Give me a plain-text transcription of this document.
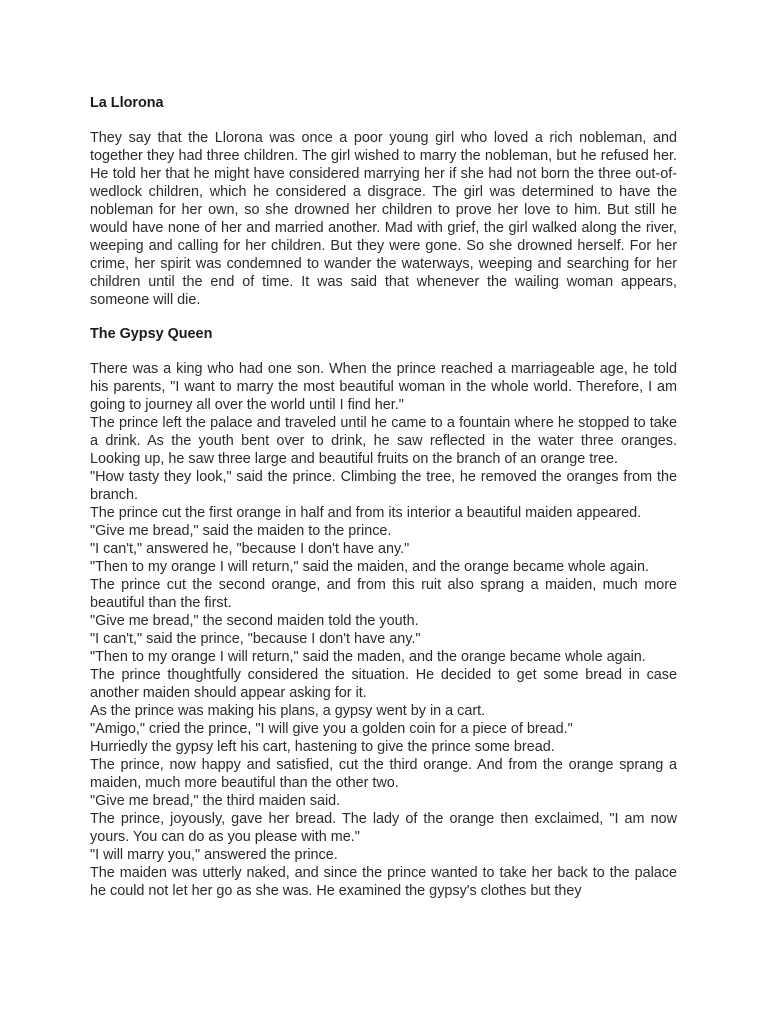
La Llorona

They say that the Llorona was once a poor young girl who loved a rich nobleman, and together they had three children. The girl wished to marry the nobleman, but he refused her. He told her that he might have considered marrying her if she had not born the three out-of-wedlock children, which he considered a disgrace. The girl was determined to have the nobleman for her own, so she drowned her children to prove her love to him. But still he would have none of her and married another. Mad with grief, the girl walked along the river, weeping and calling for her children. But they were gone. So she drowned herself. For her crime, her spirit was condemned to wander the waterways, weeping and searching for her children until the end of time. It was said that whenever the wailing woman appears, someone will die.

The Gypsy Queen

There was a king who had one son. When the prince reached a marriageable age, he told his parents, "I want to marry the most beautiful woman in the whole world. Therefore, I am going to journey all over the world until I find her."

The prince left the palace and traveled until he came to a fountain where he stopped to take a drink. As the youth bent over to drink, he saw reflected in the water three oranges. Looking up, he saw three large and beautiful fruits on the branch of an orange tree.

"How tasty they look," said the prince. Climbing the tree, he removed the oranges from the branch.

The prince cut the first orange in half and from its interior a beautiful maiden appeared.

"Give me bread," said the maiden to the prince.

"I can't," answered he, "because I don't have any."

"Then to my orange I will return," said the maiden, and the orange became whole again.

The prince cut the second orange, and from this ruit also sprang a maiden, much more beautiful than the first.

"Give me bread," the second maiden told the youth.

"I can't," said the prince, "because I don't have any."

"Then to my orange I will return," said the maden, and the orange became whole again.

The prince thoughtfully considered the situation. He decided to get some bread in case another maiden should appear asking for it.

As the prince was making his plans, a gypsy went by in a cart.

"Amigo," cried the prince, "I will give you a golden coin for a piece of bread."

Hurriedly the gypsy left his cart, hastening to give the prince some bread.

The prince, now happy and satisfied, cut the third orange. And from the orange sprang a maiden, much more beautiful than the other two.

"Give me bread," the third maiden said.

The prince, joyously, gave her bread. The lady of the orange then exclaimed, "I am now yours. You can do as you please with me."

"I will marry you," answered the prince.

The maiden was utterly naked, and since the prince wanted to take her back to the palace he could not let her go as she was. He examined the gypsy's clothes but they
